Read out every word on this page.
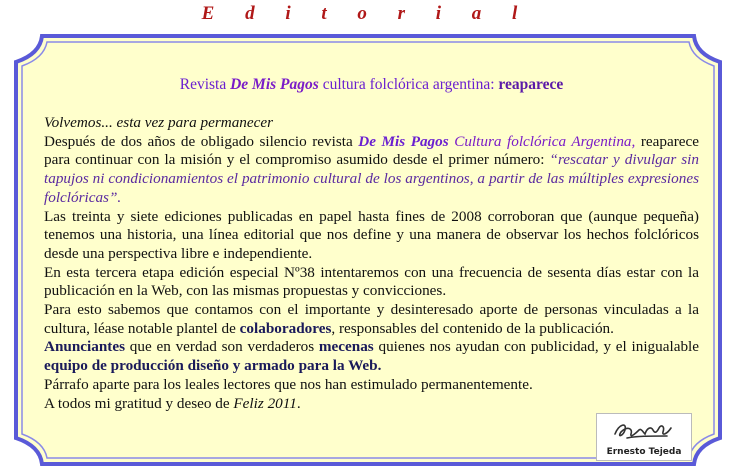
E d i t o r i a l
Revista De Mis Pagos cultura folclórica argentina: reaparece

Volvemos... esta vez para permanecer

Después de dos años de obligado silencio revista De Mis Pagos Cultura folclórica Argentina, reaparece para continuar con la misión y el compromiso asumido desde el primer número: “rescatar y divulgar sin tapujos ni condicionamientos el patrimonio cultural de los argentinos, a partir de las múltiples expresiones folclóricas”.

Las treinta y siete ediciones publicadas en papel hasta fines de 2008 corroboran que (aunque pequeña) tenemos una historia, una línea editorial que nos define y una manera de observar los hechos folclóricos desde una perspectiva libre e independiente.

En esta tercera etapa edición especial Nº38 intentaremos con una frecuencia de sesenta días estar con la publicación en la Web, con las mismas propuestas y convicciones.

Para esto sabemos que contamos con el importante y desinteresado aporte de personas vinculadas a la cultura, léase notable plantel de colaboradores, responsables del contenido de la publicación.

Anunciantes que en verdad son verdaderos mecenas quienes nos ayudan con publicidad, y el inigualable equipo de producción diseño y armado para la Web.

Párrafo aparte para los leales lectores que nos han estimulado permanentemente.

A todos mi gratitud y deseo de Feliz 2011.

Ernesto Tejeda
